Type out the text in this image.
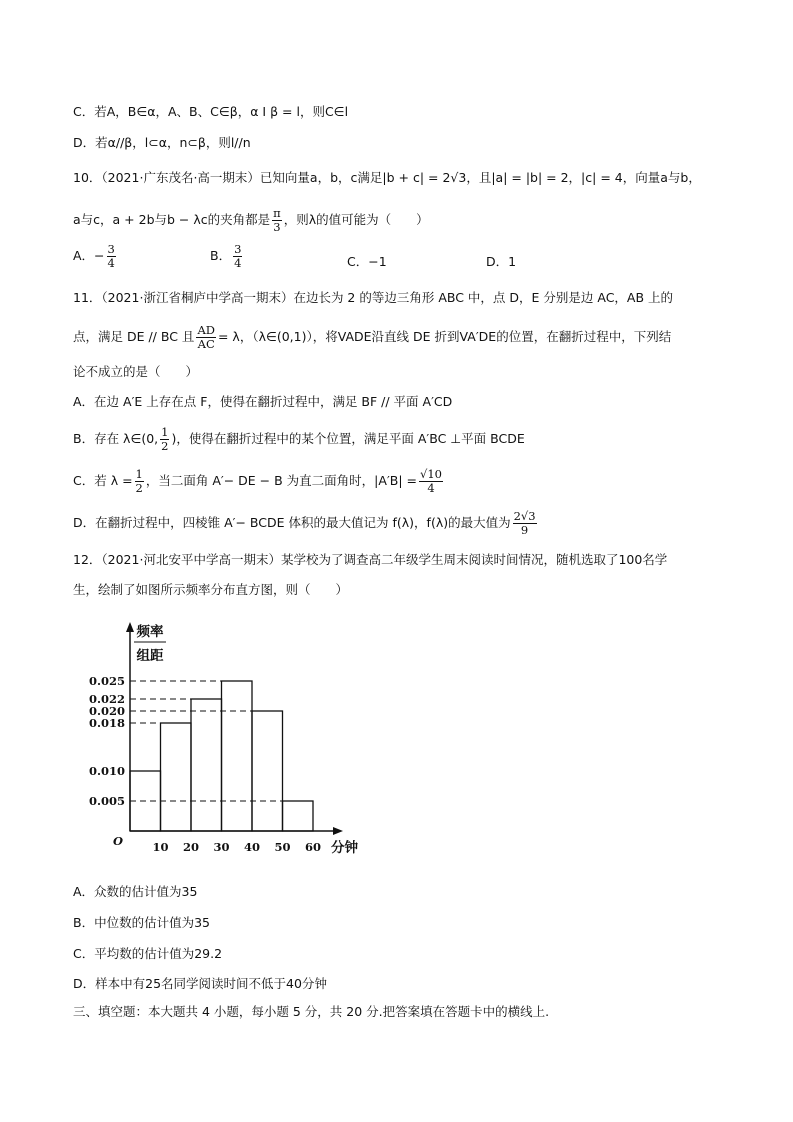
C．若A，B∈α，A、B、C∈β，α I β = l，则C∈l
D．若α//β，l⊂α，n⊂β，则l//n
10．（2021·广东茂名·高一期末）已知向量a，b，c满足|b + c| = 2√3，且|a| = |b| = 2，|c| = 4，向量a与b，
a与c，a + 2b与b − λc的夹角都是 $\frac{\pi}{3}$ ，则λ的值可能为（　　）
A．− $\frac{3}{4}$	B． $\frac{3}{4}$	C．−1	D．1
11．（2021·浙江省桐庐中学高一期末）在边长为 2 的等边三角形 ABC 中，点 D，E 分别是边 AC，AB 上的
点，满足 DE // BC 且 $\frac{AD}{AC} = \lambda$，（λ∈(0,1)），将VADE沿直线 DE 折到VA′DE的位置，在翻折过程中，下列结
论不成立的是（　　）
A．在边 A′E 上存在点 F，使得在翻折过程中，满足 BF // 平面 A′CD
B．存在 λ∈(0, $\frac{1}{2}$ )，使得在翻折过程中的某个位置，满足平面 A′BC ⊥平面 BCDE
C．若 $\lambda = \frac{1}{2}$ ，当二面角 A′− DE − B 为直二面角时，$|A'B| = \frac{√10}{4}$
D．在翻折过程中，四棱锥 A′− BCDE 体积的最大值记为 f(λ)，f(λ)的最大值为 $\frac{2√3}{9}$
12．（2021·河北安平中学高一期末）某学校为了调查高二年级学生周末阅读时间情况，随机选取了100名学
生，绘制了如图所示频率分布直方图，则（　　）
0.025
0.022
0.020
0.018
0.010
0.005
10 20 30 40 50 60
O	分钟
频率
组距
A．众数的估计值为35
B．中位数的估计值为35
C．平均数的估计值为29.2
D．样本中有25名同学阅读时间不低于40分钟
三、填空题：本大题共 4 小题，每小题 5 分，共 20 分.把答案填在答题卡中的横线上.
